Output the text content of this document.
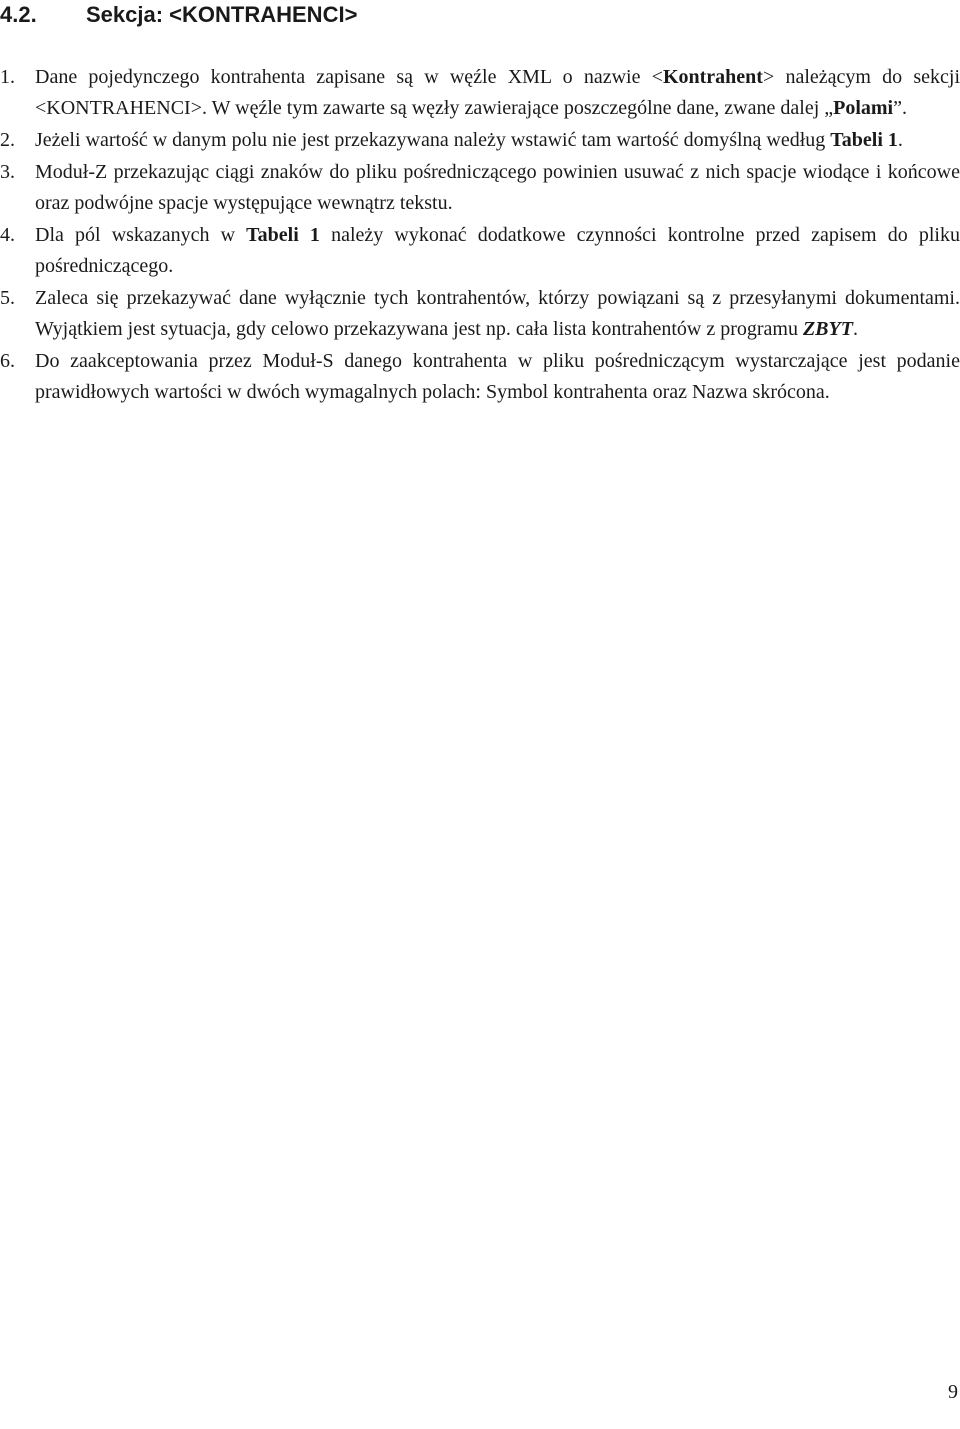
4.2. Sekcja: <KONTRAHENCI>
1. Dane pojedynczego kontrahenta zapisane są w węźle XML o nazwie <Kontrahent> należącym do sekcji <KONTRAHENCI>. W węźle tym zawarte są węzły zawierające poszczególne dane, zwane dalej „Polami”.
2. Jeżeli wartość w danym polu nie jest przekazywana należy wstawić tam wartość domyślną według Tabeli 1.
3. Moduł-Z przekazując ciągi znaków do pliku pośredniczącego powinien usuwać z nich spacje wiodące i końcowe oraz podwójne spacje występujące wewnątrz tekstu.
4. Dla pól wskazanych w Tabeli 1 należy wykonać dodatkowe czynności kontrolne przed zapisem do pliku pośredniczącego.
5. Zaleca się przekazywać dane wyłącznie tych kontrahentów, którzy powiązani są z przesyłanymi dokumentami. Wyjątkiem jest sytuacja, gdy celowo przekazywana jest np. cała lista kontrahentów z programu ZBYT.
6. Do zaakceptowania przez Moduł-S danego kontrahenta w pliku pośredniczącym wystarczające jest podanie prawidłowych wartości w dwóch wymagalnych polach: Symbol kontrahenta oraz Nazwa skrócona.
9
